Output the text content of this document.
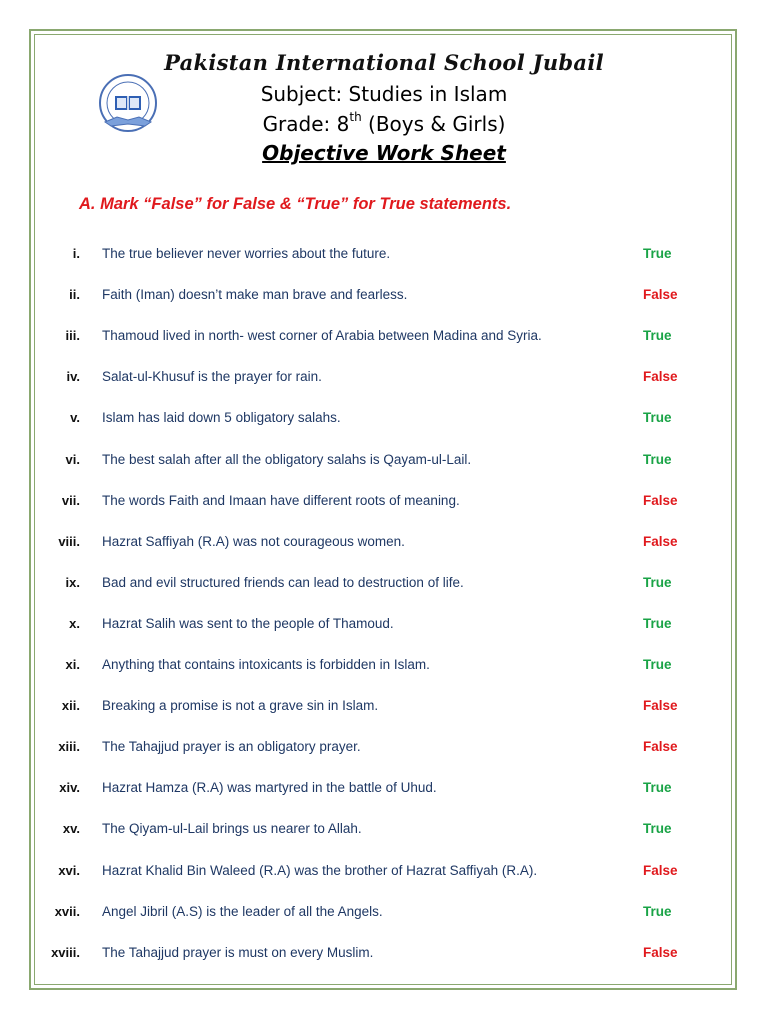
Pakistan International School Jubail
Subject: Studies in Islam
Grade: 8th (Boys & Girls)
Objective Work Sheet
A. Mark “False” for False & “True” for True statements.
i. The true believer never worries about the future.	True
ii. Faith (Iman) doesn’t make man brave and fearless.	False
iii. Thamoud lived in north- west corner of Arabia between Madina and Syria.	True
iv. Salat-ul-Khusuf is the prayer for rain.	False
v. Islam has laid down 5 obligatory salahs.	True
vi. The best salah after all the obligatory salahs is Qayam-ul-Lail.	True
vii. The words Faith and Imaan have different roots of meaning.	False
viii. Hazrat Saffiyah (R.A) was not courageous women.	False
ix. Bad and evil structured friends can lead to destruction of life.	True
x. Hazrat Salih was sent to the people of Thamoud.	True
xi. Anything that contains intoxicants is forbidden in Islam.	True
xii. Breaking a promise is not a grave sin in Islam.	False
xiii. The Tahajjud prayer is an obligatory prayer.	False
xiv. Hazrat Hamza (R.A) was martyred in the battle of Uhud.	True
xv. The Qiyam-ul-Lail brings us nearer to Allah.	True
xvi. Hazrat Khalid Bin Waleed (R.A) was the brother of Hazrat Saffiyah (R.A).	False
xvii. Angel Jibril (A.S) is the leader of all the Angels.	True
xviii. The Tahajjud prayer is must on every Muslim.	False
